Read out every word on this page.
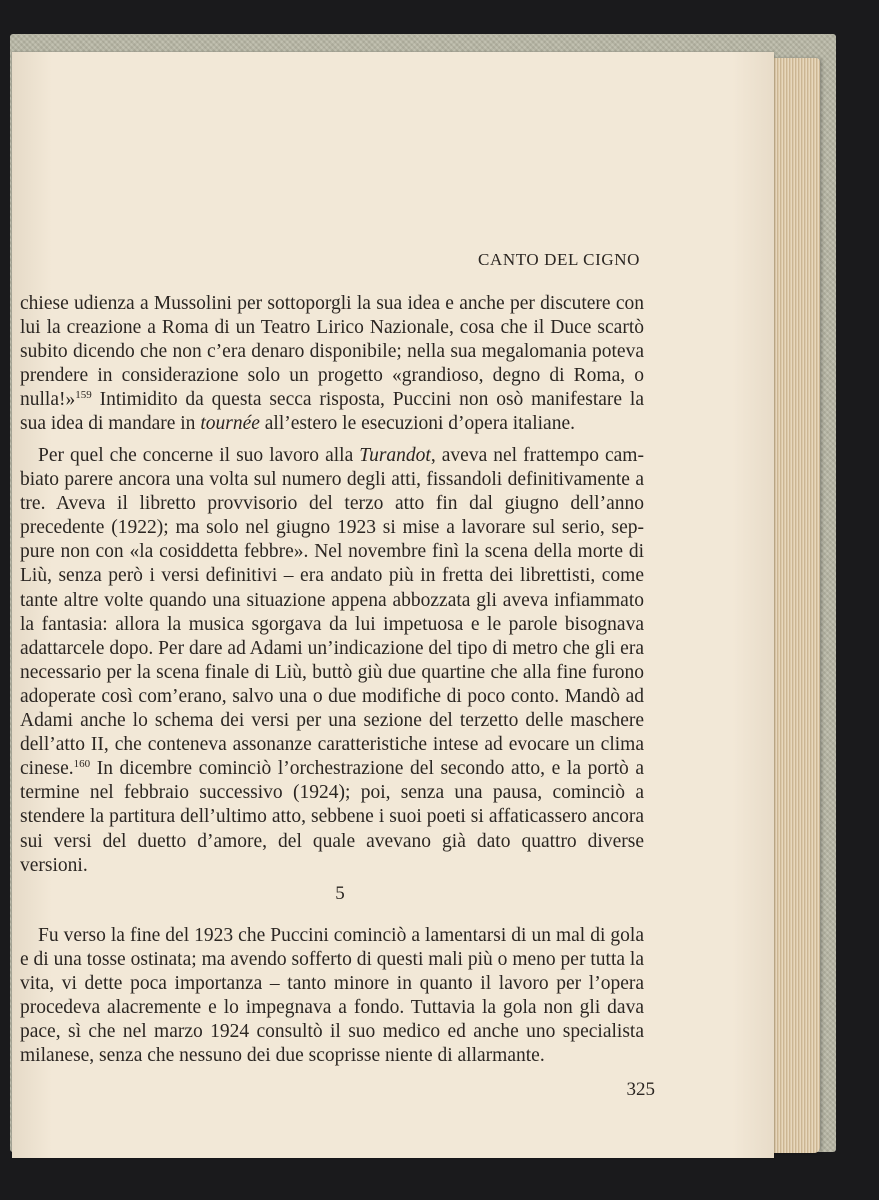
CANTO DEL CIGNO

chiese udienza a Mussolini per sottoporgli la sua idea e anche per discutere con lui la creazione a Roma di un Teatro Lirico Nazionale, cosa che il Duce scartò subito dicendo che non c’era denaro disponibile; nella sua megalomania poteva prendere in considerazione solo un progetto «grandioso, degno di Roma, o nulla!»$^{159}$ Intimidito da questa secca risposta, Puccini non osò manifestare la sua idea di mandare in tournée all’estero le esecuzioni d’opera italiane.

Per quel che concerne il suo lavoro alla Turandot, aveva nel frattempo cambiato parere ancora una volta sul numero degli atti, fissandoli definitivamente a tre. Aveva il libretto provvisorio del terzo atto fin dal giugno dell’anno precedente (1922); ma solo nel giugno 1923 si mise a lavorare sul serio, seppure non con «la cosiddetta febbre». Nel novembre finì la scena della morte di Liù, senza però i versi definitivi – era andato più in fretta dei librettisti, come tante altre volte quando una situazione appena abbozzata gli aveva infiammato la fantasia: allora la musica sgorgava da lui impetuosa e le parole bisognava adattarcele dopo. Per dare ad Adami un’indicazione del tipo di metro che gli era necessario per la scena finale di Liù, buttò giù due quartine che alla fine furono adoperate così com’erano, salvo una o due modifiche di poco conto. Mandò ad Adami anche lo schema dei versi per una sezione del terzetto delle maschere dell’atto II, che conteneva assonanze caratteristiche intese ad evocare un clima cinese.$^{160}$ In dicembre cominciò l’orchestrazione del secondo atto, e la portò a termine nel febbraio successivo (1924); poi, senza una pausa, cominciò a stendere la partitura dell’ultimo atto, sebbene i suoi poeti si affaticassero ancora sui versi del duetto d’amore, del quale avevano già dato quattro diverse versioni.

5

Fu verso la fine del 1923 che Puccini cominciò a lamentarsi di un mal di gola e di una tosse ostinata; ma avendo sofferto di questi mali più o meno per tutta la vita, vi dette poca importanza – tanto minore in quanto il lavoro per l’opera procedeva alacremente e lo impegnava a fondo. Tuttavia la gola non gli dava pace, sì che nel marzo 1924 consultò il suo medico ed anche uno specialista milanese, senza che nessuno dei due scoprisse niente di allarmante.

325
